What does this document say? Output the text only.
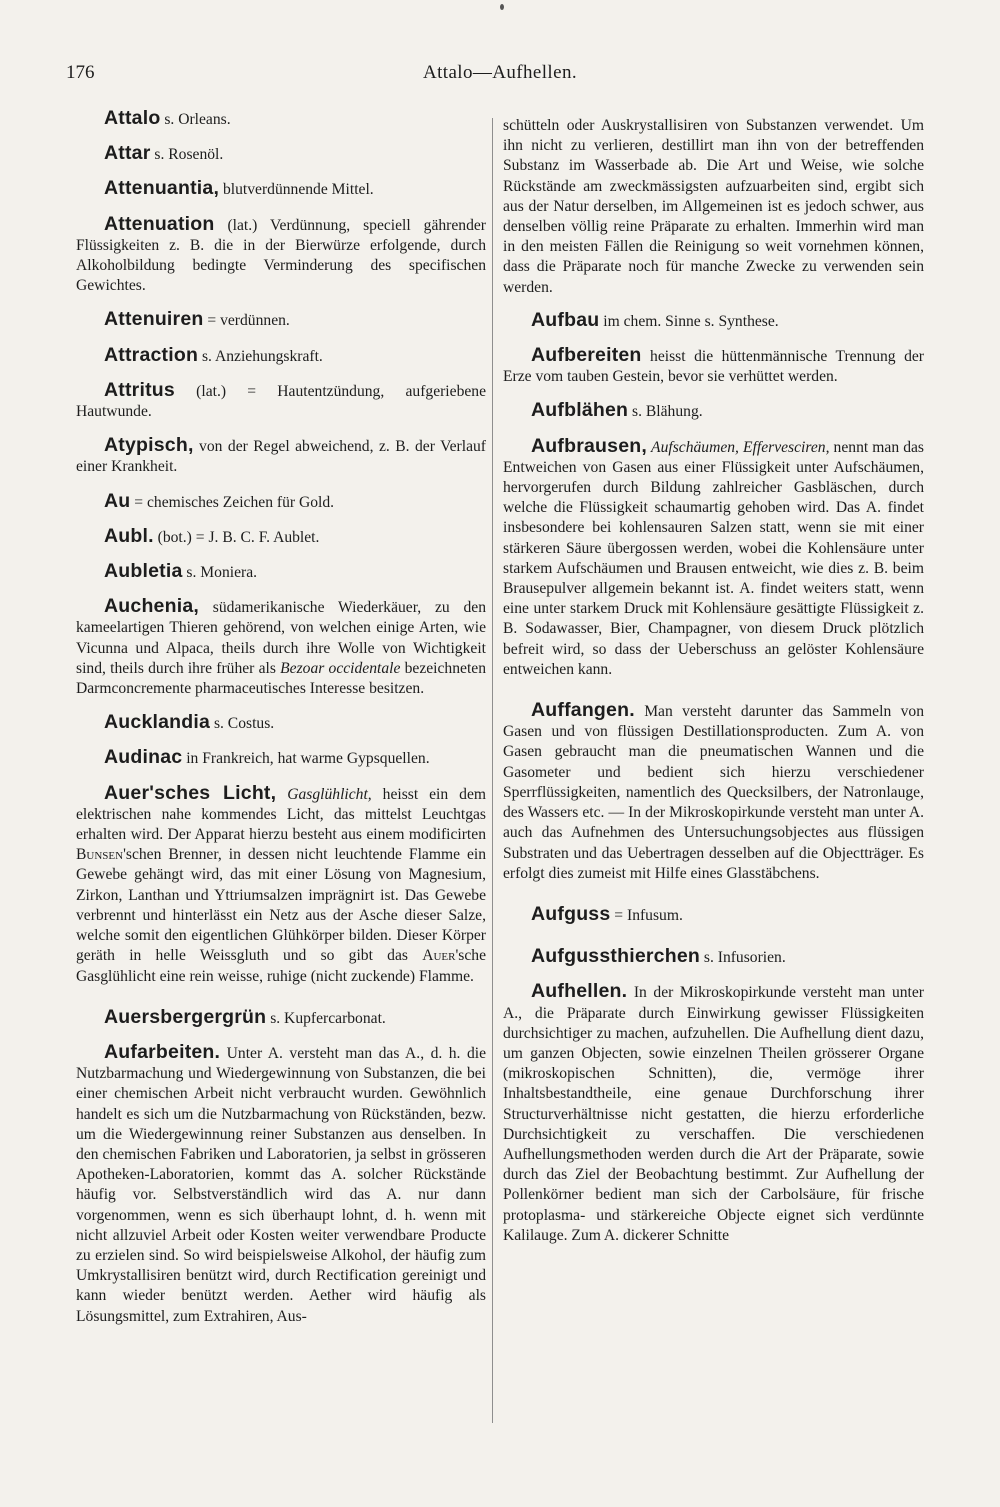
176	Attalo—Aufhellen.

Attalo s. Orleans.

Attar s. Rosenöl.

Attenuantia, blutverdünnende Mittel.

Attenuation (lat.) Verdünnung, speciell gährender Flüssigkeiten z. B. die in der Bierwürze erfolgende, durch Alkoholbildung bedingte Verminderung des specifischen Gewichtes.

Attenuiren = verdünnen.

Attraction s. Anziehungskraft.

Attritus (lat.) = Hautentzündung, aufgeriebene Hautwunde.

Atypisch, von der Regel abweichend, z. B. der Verlauf einer Krankheit.

Au = chemisches Zeichen für Gold.

Aubl. (bot.) = J. B. C. F. Aublet.

Aubletia s. Moniera.

Auchenia, südamerikanische Wiederkäuer, zu den kameelartigen Thieren gehörend, von welchen einige Arten, wie Vicunna und Alpaca, theils durch ihre Wolle von Wichtigkeit sind, theils durch ihre früher als Bezoar occidentale bezeichneten Darmconcremente pharmaceutisches Interesse besitzen.

Aucklandia s. Costus.

Audinac in Frankreich, hat warme Gypsquellen.

Auer'sches Licht, Gasglühlicht, heisst ein dem elektrischen nahe kommendes Licht, das mittelst Leuchtgas erhalten wird. Der Apparat hierzu besteht aus einem modificirten Bunsen'schen Brenner, in dessen nicht leuchtende Flamme ein Gewebe gehängt wird, das mit einer Lösung von Magnesium, Zirkon, Lanthan und Yttriumsalzen imprägnirt ist. Das Gewebe verbrennt und hinterlässt ein Netz aus der Asche dieser Salze, welche somit den eigentlichen Glühkörper bilden. Dieser Körper geräth in helle Weissgluth und so gibt das Auer'sche Gasglühlicht eine rein weisse, ruhige (nicht zuckende) Flamme.

Auersbergergrün s. Kupfercarbonat.

Aufarbeiten. Unter A. versteht man das A., d. h. die Nutzbarmachung und Wiedergewinnung von Substanzen, die bei einer chemischen Arbeit nicht verbraucht wurden. Gewöhnlich handelt es sich um die Nutzbarmachung von Rückständen, bezw. um die Wiedergewinnung reiner Substanzen aus denselben. In den chemischen Fabriken und Laboratorien, ja selbst in grösseren Apotheken-Laboratorien, kommt das A. solcher Rückstände häufig vor. Selbstverständlich wird das A. nur dann vorgenommen, wenn es sich überhaupt lohnt, d. h. wenn mit nicht allzuviel Arbeit oder Kosten weiter verwendbare Producte zu erzielen sind. So wird beispielsweise Alkohol, der häufig zum Umkrystallisiren benützt wird, durch Rectification gereinigt und kann wieder benützt werden. Aether wird häufig als Lösungsmittel, zum Extrahiren, Aus-

schütteln oder Auskrystallisiren von Substanzen verwendet. Um ihn nicht zu verlieren, destillirt man ihn von der betreffenden Substanz im Wasserbade ab. Die Art und Weise, wie solche Rückstände am zweckmässigsten aufzuarbeiten sind, ergibt sich aus der Natur derselben, im Allgemeinen ist es jedoch schwer, aus denselben völlig reine Präparate zu erhalten. Immerhin wird man in den meisten Fällen die Reinigung so weit vornehmen können, dass die Präparate noch für manche Zwecke zu verwenden sein werden.

Aufbau im chem. Sinne s. Synthese.

Aufbereiten heisst die hüttenmännische Trennung der Erze vom tauben Gestein, bevor sie verhüttet werden.

Aufblähen s. Blähung.

Aufbrausen, Aufschäumen, Effervesciren, nennt man das Entweichen von Gasen aus einer Flüssigkeit unter Aufschäumen, hervorgerufen durch Bildung zahlreicher Gasbläschen, durch welche die Flüssigkeit schaumartig gehoben wird. Das A. findet insbesondere bei kohlensauren Salzen statt, wenn sie mit einer stärkeren Säure übergossen werden, wobei die Kohlensäure unter starkem Aufschäumen und Brausen entweicht, wie dies z. B. beim Brausepulver allgemein bekannt ist. A. findet weiters statt, wenn eine unter starkem Druck mit Kohlensäure gesättigte Flüssigkeit z. B. Sodawasser, Bier, Champagner, von diesem Druck plötzlich befreit wird, so dass der Ueberschuss an gelöster Kohlensäure entweichen kann.

Auffangen. Man versteht darunter das Sammeln von Gasen und von flüssigen Destillationsproducten. Zum A. von Gasen gebraucht man die pneumatischen Wannen und die Gasometer und bedient sich hierzu verschiedener Sperrflüssigkeiten, namentlich des Quecksilbers, der Natronlauge, des Wassers etc. — In der Mikroskopirkunde versteht man unter A. auch das Aufnehmen des Untersuchungsobjectes aus flüssigen Substraten und das Uebertragen desselben auf die Objectträger. Es erfolgt dies zumeist mit Hilfe eines Glasstäbchens.

Aufguss = Infusum.

Aufgussthierchen s. Infusorien.

Aufhellen. In der Mikroskopirkunde versteht man unter A., die Präparate durch Einwirkung gewisser Flüssigkeiten durchsichtiger zu machen, aufzuhellen. Die Aufhellung dient dazu, um ganzen Objecten, sowie einzelnen Theilen grösserer Organe (mikroskopischen Schnitten), die, vermöge ihrer Inhaltsbestandtheile, eine genaue Durchforschung ihrer Structurverhältnisse nicht gestatten, die hierzu erforderliche Durchsichtigkeit zu verschaffen. Die verschiedenen Aufhellungsmethoden werden durch die Art der Präparate, sowie durch das Ziel der Beobachtung bestimmt. Zur Aufhellung der Pollenkörner bedient man sich der Carbolsäure, für frische protoplasma- und stärkereiche Objecte eignet sich verdünnte Kalilauge. Zum A. dickerer Schnitte
